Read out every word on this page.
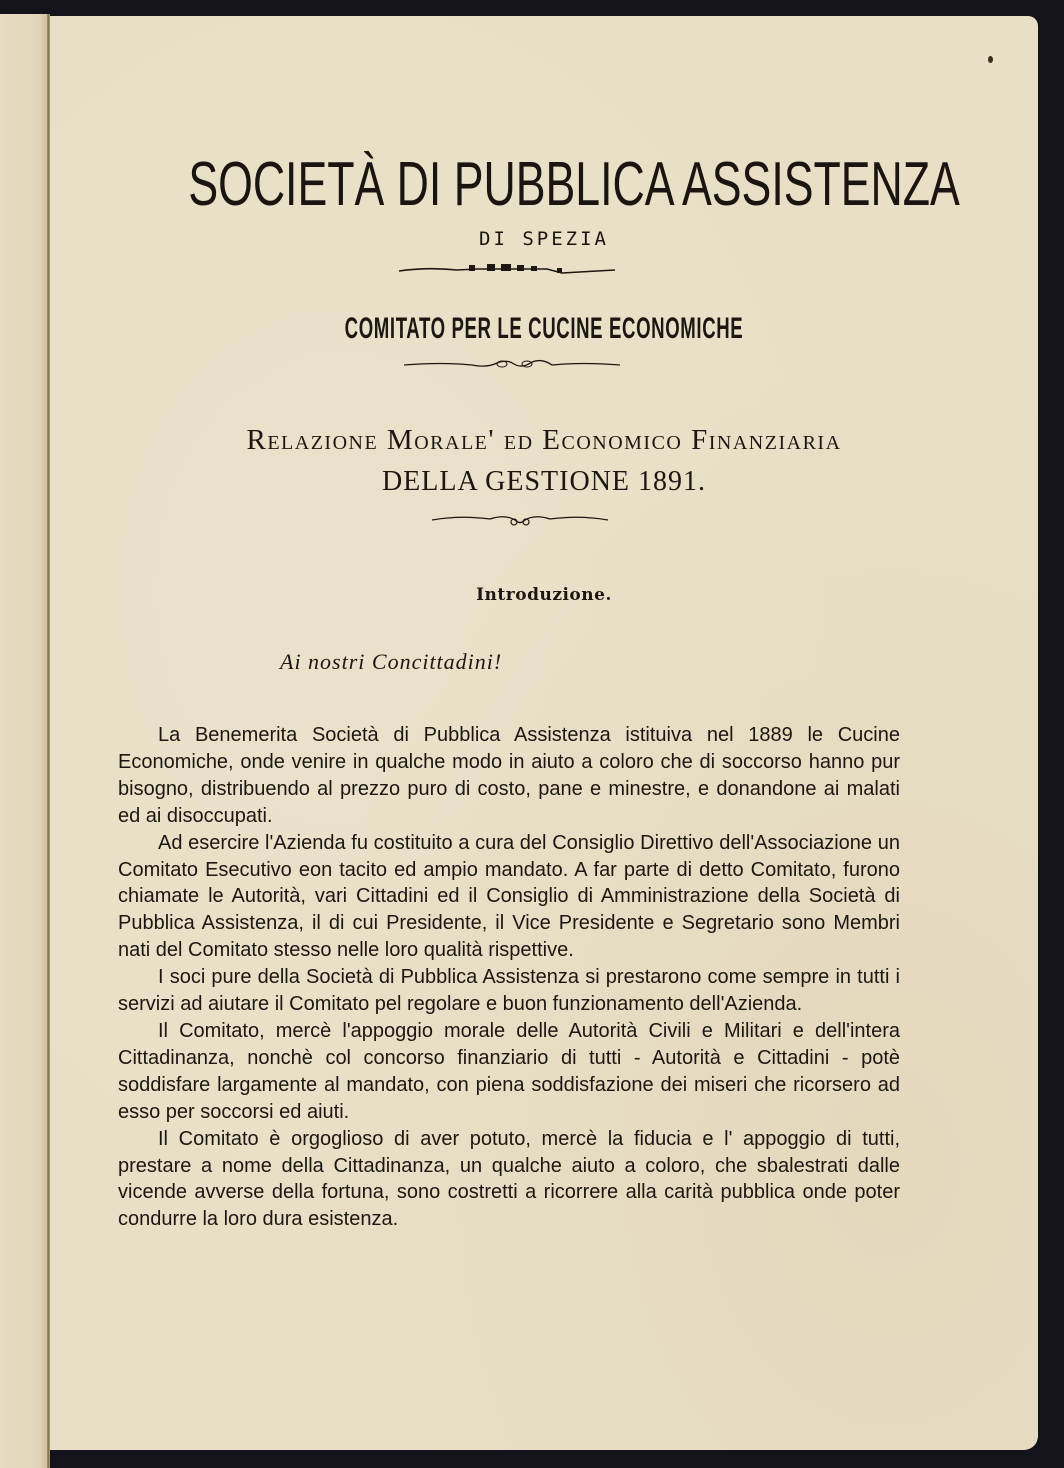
SOCIETÀ DI PUBBLICA ASSISTENZA
DI SPEZIA
COMITATO PER LE CUCINE ECONOMICHE
Relazione Morale' ed Economico Finanziaria
DELLA GESTIONE 1891.
Introduzione.
Ai nostri Concittadini!

La Benemerita Società di Pubblica Assistenza istituiva nel 1889 le Cucine Economiche, onde venire in qualche modo in aiuto a coloro che di soccorso hanno pur bisogno, distribuendo al prezzo puro di costo, pane e minestre, e donandone ai malati ed ai disoccupati.

Ad esercire l'Azienda fu costituito a cura del Consiglio Direttivo dell'Associazione un Comitato Esecutivo eon tacito ed ampio mandato. A far parte di detto Comitato, furono chiamate le Autorità, vari Cittadini ed il Consiglio di Amministrazione della Società di Pubblica Assistenza, il di cui Presidente, il Vice Presidente e Segretario sono Membri nati del Comitato stesso nelle loro qualità rispettive.

I soci pure della Società di Pubblica Assistenza si prestarono come sempre in tutti i servizi ad aiutare il Comitato pel regolare e buon funzionamento dell'Azienda.

Il Comitato, mercè l'appoggio morale delle Autorità Civili e Militari e dell'intera Cittadinanza, nonchè col concorso finanziario di tutti - Autorità e Cittadini - potè soddisfare largamente al mandato, con piena soddisfazione dei miseri che ricorsero ad esso per soccorsi ed aiuti.

Il Comitato è orgoglioso di aver potuto, mercè la fiducia e l' appoggio di tutti, prestare a nome della Cittadinanza, un qualche aiuto a coloro, che sbalestrati dalle vicende avverse della fortuna, sono costretti a ricorrere alla carità pubblica onde poter condurre la loro dura esistenza.
